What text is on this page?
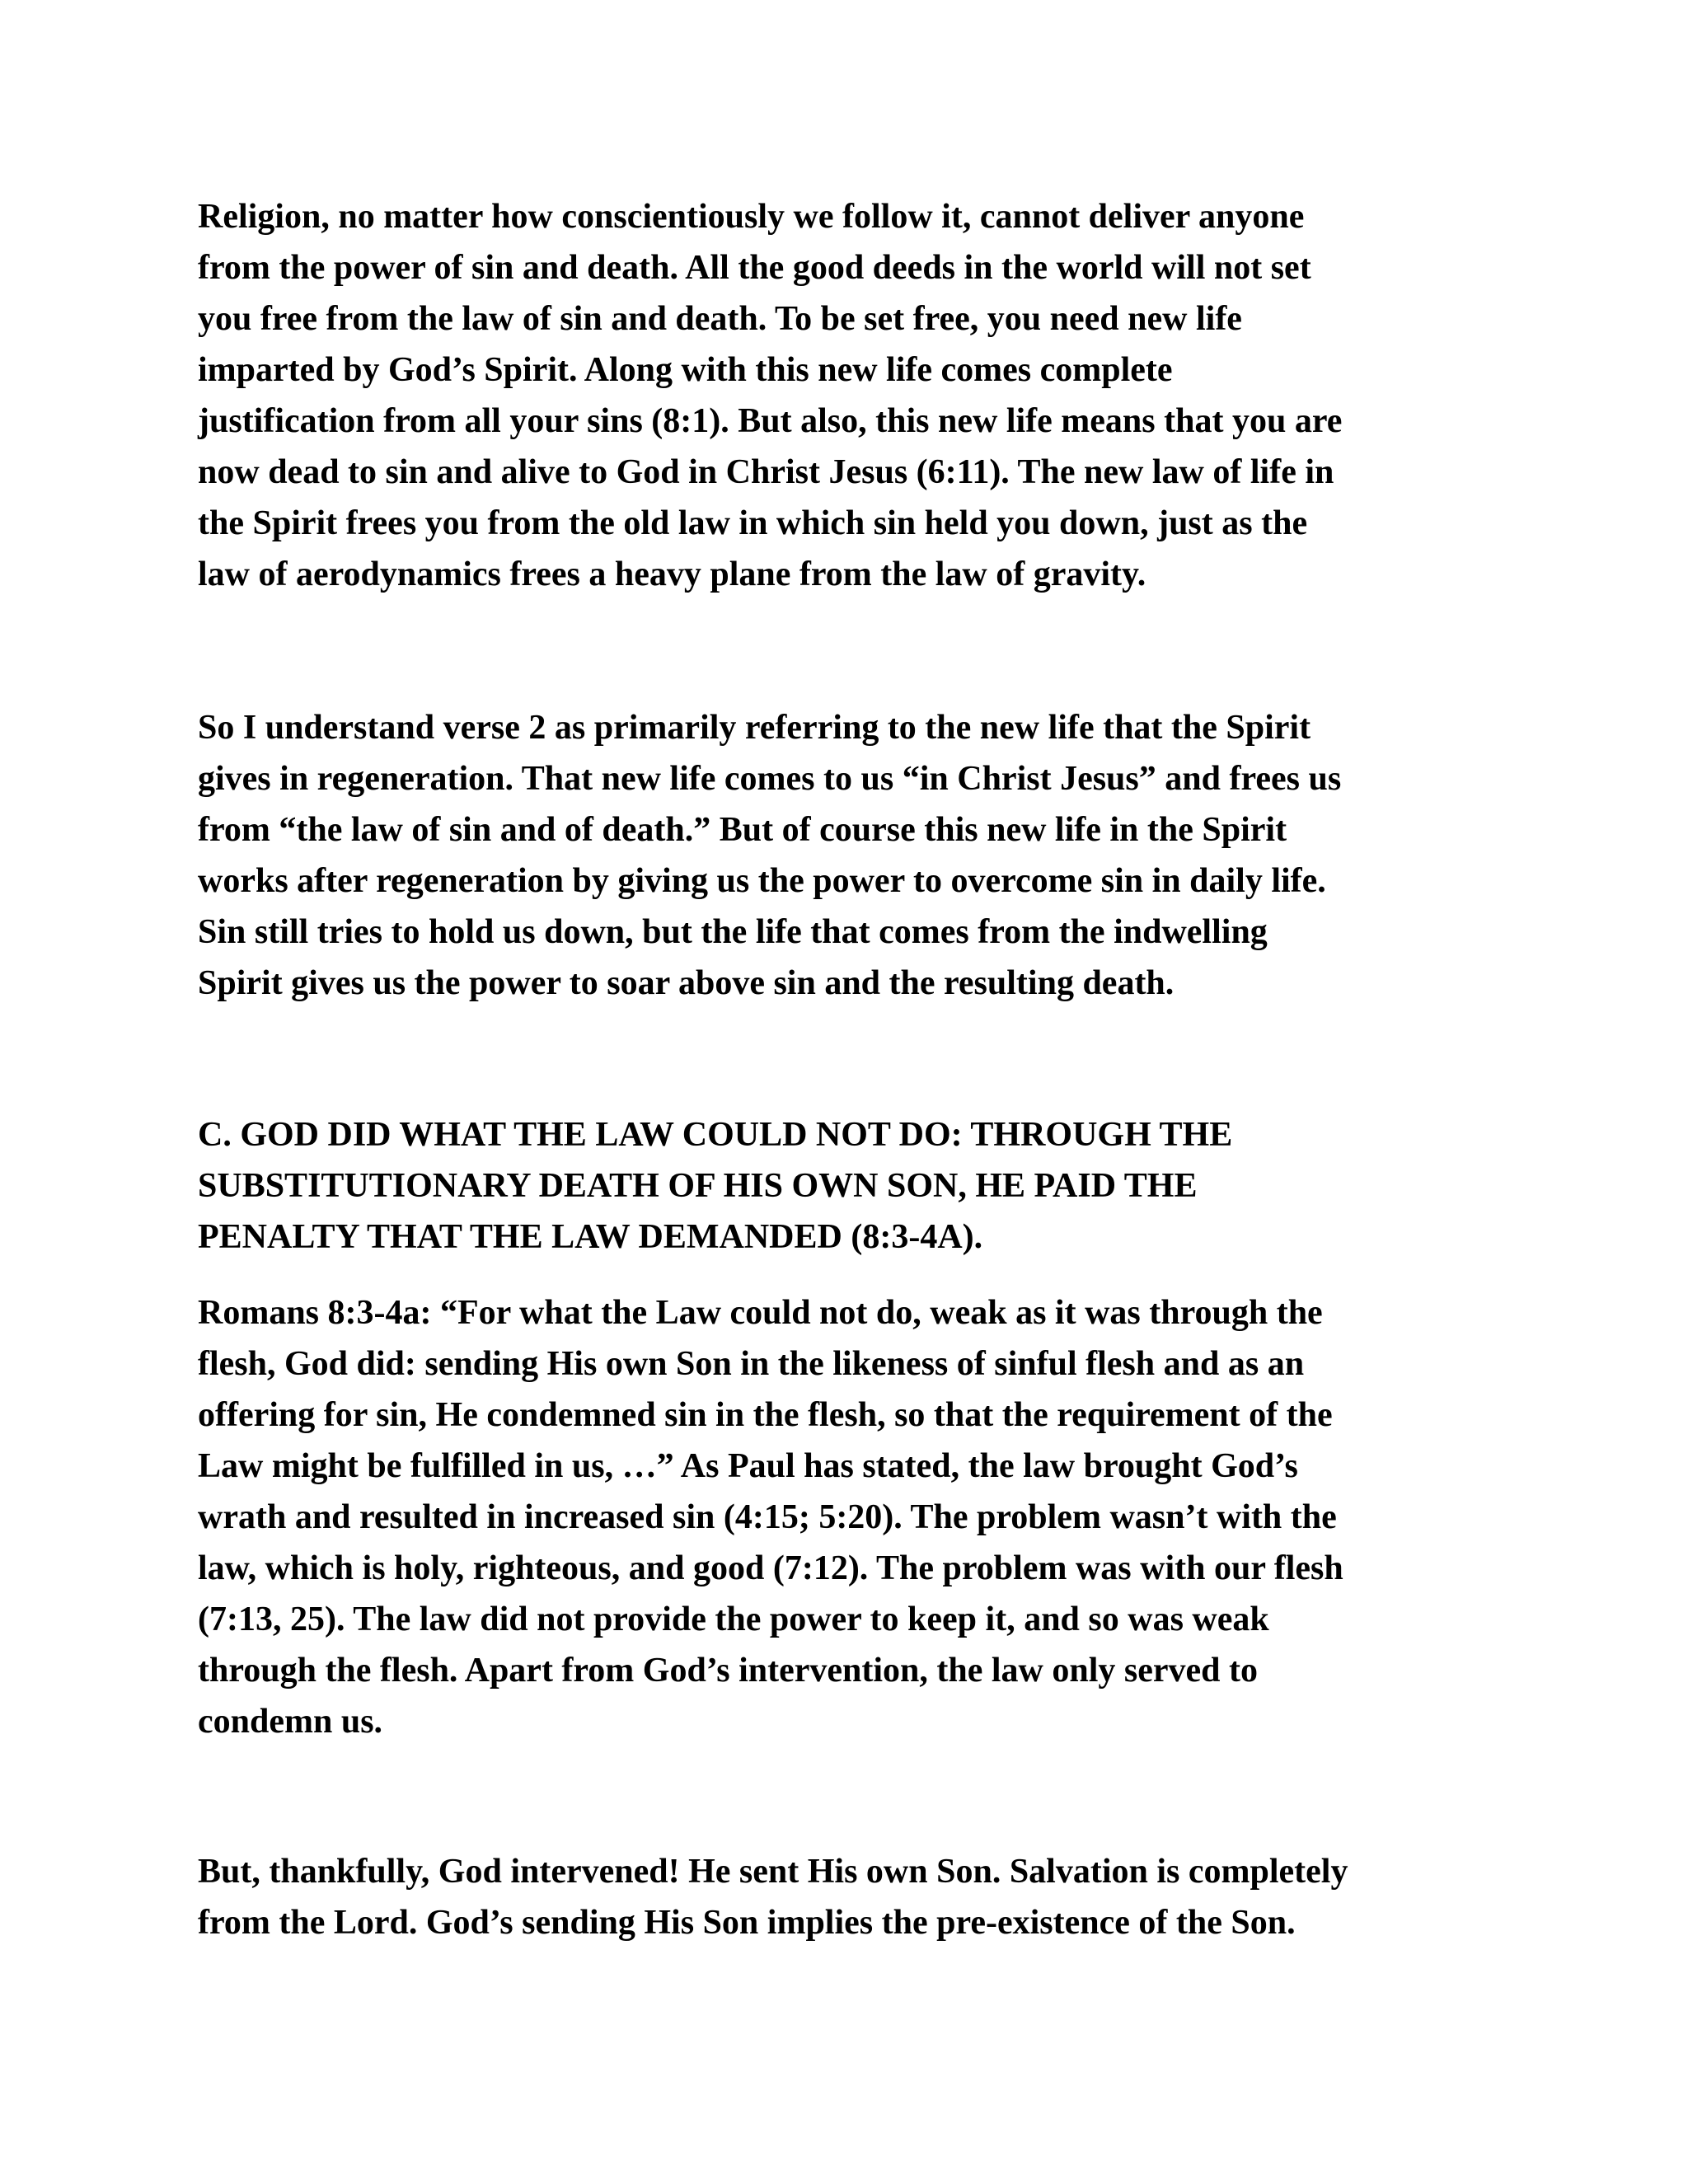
Religion, no matter how conscientiously we follow it, cannot deliver anyone
from the power of sin and death. All the good deeds in the world will not set
you free from the law of sin and death. To be set free, you need new life
imparted by God’s Spirit. Along with this new life comes complete
justification from all your sins (8:1). But also, this new life means that you are
now dead to sin and alive to God in Christ Jesus (6:11). The new law of life in
the Spirit frees you from the old law in which sin held you down, just as the
law of aerodynamics frees a heavy plane from the law of gravity.

So I understand verse 2 as primarily referring to the new life that the Spirit
gives in regeneration. That new life comes to us “in Christ Jesus” and frees us
from “the law of sin and of death.” But of course this new life in the Spirit
works after regeneration by giving us the power to overcome sin in daily life.
Sin still tries to hold us down, but the life that comes from the indwelling
Spirit gives us the power to soar above sin and the resulting death.

C. GOD DID WHAT THE LAW COULD NOT DO: THROUGH THE
SUBSTITUTIONARY DEATH OF HIS OWN SON, HE PAID THE
PENALTY THAT THE LAW DEMANDED (8:3-4A).

Romans 8:3-4a: “For what the Law could not do, weak as it was through the
flesh, God did: sending His own Son in the likeness of sinful flesh and as an
offering for sin, He condemned sin in the flesh, so that the requirement of the
Law might be fulfilled in us, …” As Paul has stated, the law brought God’s
wrath and resulted in increased sin (4:15; 5:20). The problem wasn’t with the
law, which is holy, righteous, and good (7:12). The problem was with our flesh
(7:13, 25). The law did not provide the power to keep it, and so was weak
through the flesh. Apart from God’s intervention, the law only served to
condemn us.

But, thankfully, God intervened! He sent His own Son. Salvation is completely
from the Lord. God’s sending His Son implies the pre-existence of the Son.
